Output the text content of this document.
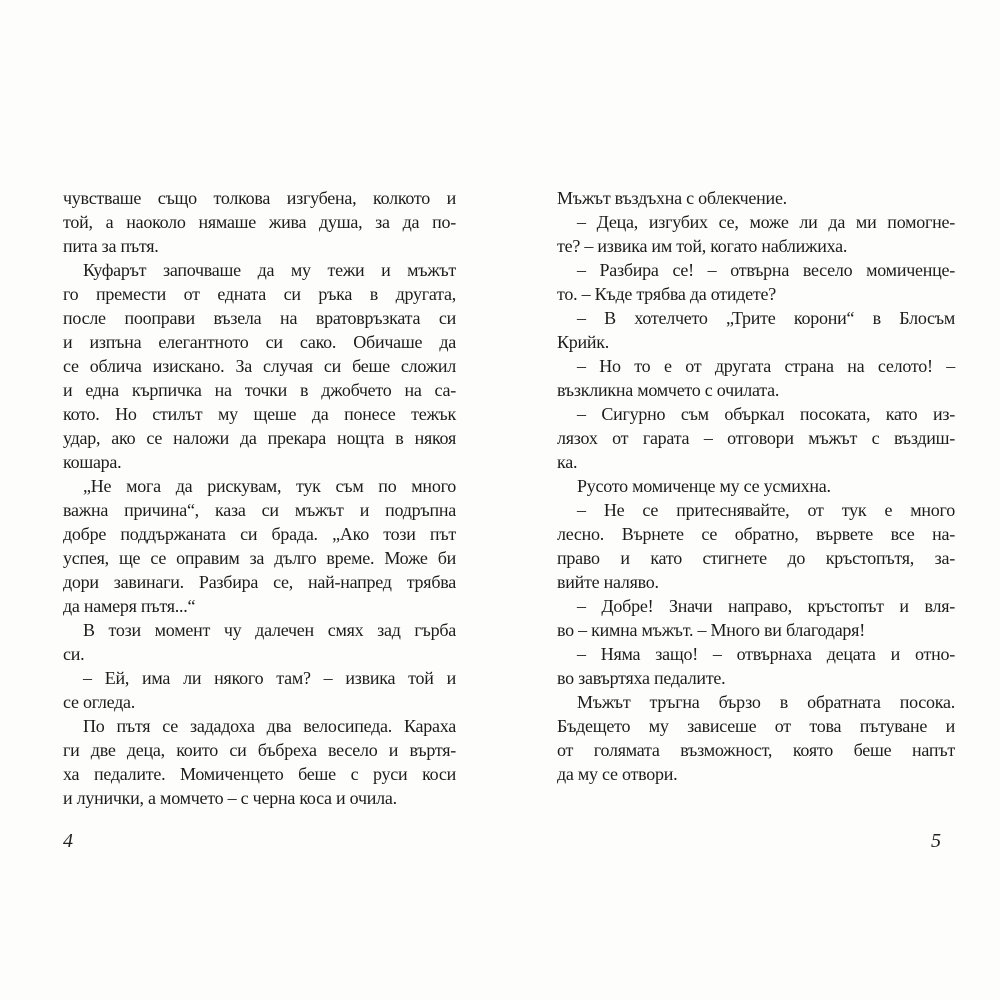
чувстваше също толкова изгубена, колкото и
той, а наоколо нямаше жива душа, за да по-
пита за пътя.
Куфарът започваше да му тежи и мъжът
го премести от едната си ръка в другата,
после пооправи възела на вратовръзката си
и изпъна елегантното си сако. Обичаше да
се облича изискано. За случая си беше сложил
и една кърпичка на точки в джобчето на са-
кото. Но стилът му щеше да понесе тежък
удар, ако се наложи да прекара нощта в някоя
кошара.
„Не мога да рискувам, тук съм по много
важна причина“, каза си мъжът и подръпна
добре поддържаната си брада. „Ако този път
успея, ще се оправим за дълго време. Може би
дори завинаги. Разбира се, най-напред трябва
да намеря пътя...“
В този момент чу далечен смях зад гърба
си.
– Ей, има ли някого там? – извика той и
се огледа.
По пътя се зададоха два велосипеда. Караха
ги две деца, които си бъбреха весело и въртя-
ха педалите. Момиченцето беше с руси коси
и лунички, а момчето – с черна коса и очила.
4
Мъжът въздъхна с облекчение.
– Деца, изгубих се, може ли да ми помогне-
те? – извика им той, когато наближиха.
– Разбира се! – отвърна весело момиченце-
то. – Къде трябва да отидете?
– В хотелчето „Трите корони“ в Блосъм
Крийк.
– Но то е от другата страна на селото! –
възкликна момчето с очилата.
– Сигурно съм объркал посоката, като из-
лязох от гарата – отговори мъжът с въздиш-
ка.
Русото момиченце му се усмихна.
– Не се притеснявайте, от тук е много
лесно. Върнете се обратно, вървете все на-
право и като стигнете до кръстопътя, за-
вийте наляво.
– Добре! Значи направо, кръстопът и вля-
во – кимна мъжът. – Много ви благодаря!
– Няма защо! – отвърнаха децата и отно-
во завъртяха педалите.
Мъжът тръгна бързо в обратната посока.
Бъдещето му зависеше от това пътуване и
от голямата възможност, която беше напът
да му се отвори.
5
